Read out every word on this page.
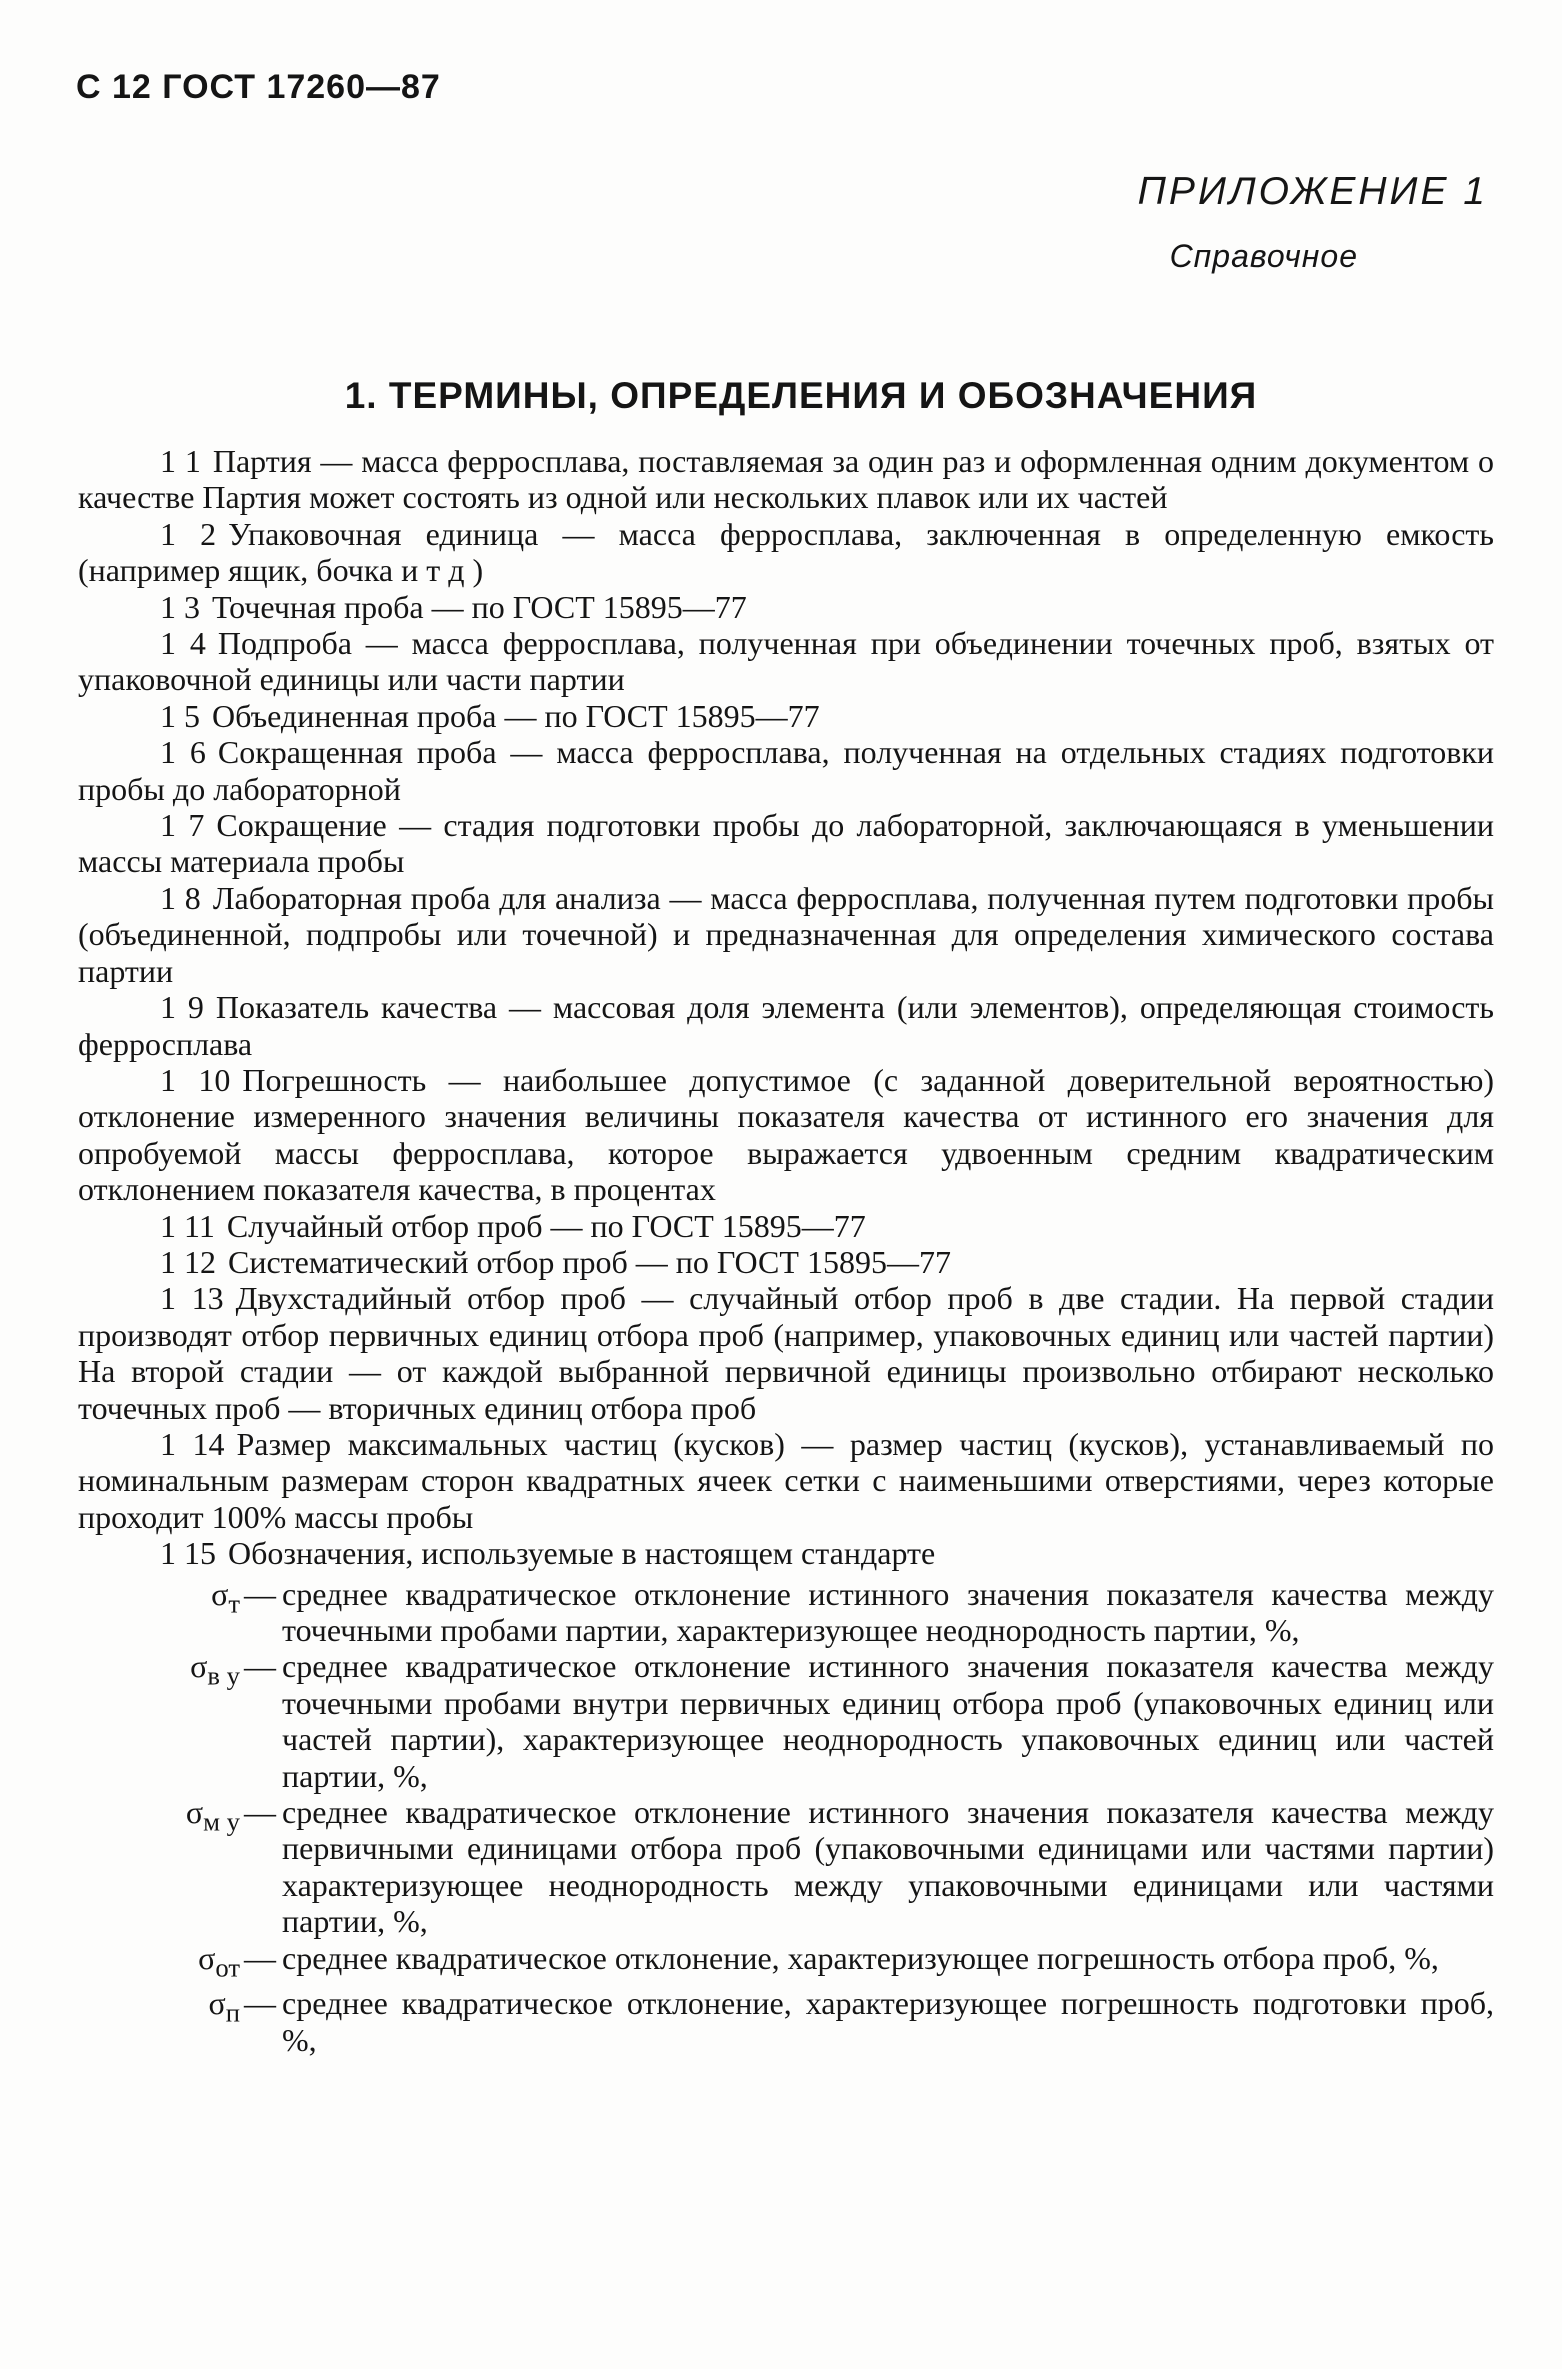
С 12 ГОСТ 17260—87
ПРИЛОЖЕНИЕ 1
Справочное
1. ТЕРМИНЫ, ОПРЕДЕЛЕНИЯ И ОБОЗНАЧЕНИЯ

1 1 Партия — масса ферросплава, поставляемая за один раз и оформленная одним документом о качестве Партия может состоять из одной или нескольких плавок или их частей

1 2 Упаковочная единица — масса ферросплава, заключенная в определенную емкость (например ящик, бочка и т д )

1 3 Точечная проба — по ГОСТ 15895—77

1 4 Подпроба — масса ферросплава, полученная при объединении точечных проб, взятых от упаковочной единицы или части партии

1 5 Объединенная проба — по ГОСТ 15895—77

1 6 Сокращенная проба — масса ферросплава, полученная на отдельных стадиях подготовки пробы до лабораторной

1 7 Сокращение — стадия подготовки пробы до лабораторной, заключающаяся в уменьшении массы материала пробы

1 8 Лабораторная проба для анализа — масса ферросплава, полученная путем подготовки пробы (объединенной, подпробы или точечной) и предназначенная для определения химического состава партии

1 9 Показатель качества — массовая доля элемента (или элементов), определяющая стоимость ферросплава

1 10 Погрешность — наибольшее допустимое (с заданной доверительной вероятностью) отклонение измеренного значения величины показателя качества от истинного его значения для опробуемой массы ферросплава, которое выражается удвоенным средним квадратическим отклонением показателя качества, в процентах

1 11 Случайный отбор проб — по ГОСТ 15895—77

1 12 Систематический отбор проб — по ГОСТ 15895—77

1 13 Двухстадийный отбор проб — случайный отбор проб в две стадии. На первой стадии производят отбор первичных единиц отбора проб (например, упаковочных единиц или частей партии) На второй стадии — от каждой выбранной первичной единицы произвольно отбирают несколько точечных проб — вторичных единиц отбора проб

1 14 Размер максимальных частиц (кусков) — размер частиц (кусков), устанавливаемый по номинальным размерам сторон квадратных ячеек сетки с наименьшими отверстиями, через которые проходит 100% массы пробы

1 15 Обозначения, используемые в настоящем стандарте

$\sigma_т$ — среднее квадратическое отклонение истинного значения показателя качества между точечными пробами партии, характеризующее неоднородность партии, %,
$\sigma_{в у}$ — среднее квадратическое отклонение истинного значения показателя качества между точечными пробами внутри первичных единиц отбора проб (упаковочных единиц или частей партии), характеризующее неоднородность упаковочных единиц или частей партии, %,
$\sigma_{м у}$ — среднее квадратическое отклонение истинного значения показателя качества между первичными единицами отбора проб (упаковочными единицами или частями партии) характеризующее неоднородность между упаковочными единицами или частями партии, %,
$\sigma_{от}$ — среднее квадратическое отклонение, характеризующее погрешность отбора проб, %,
$\sigma_п$ — среднее квадратическое отклонение, характеризующее погрешность подготовки проб, %,
